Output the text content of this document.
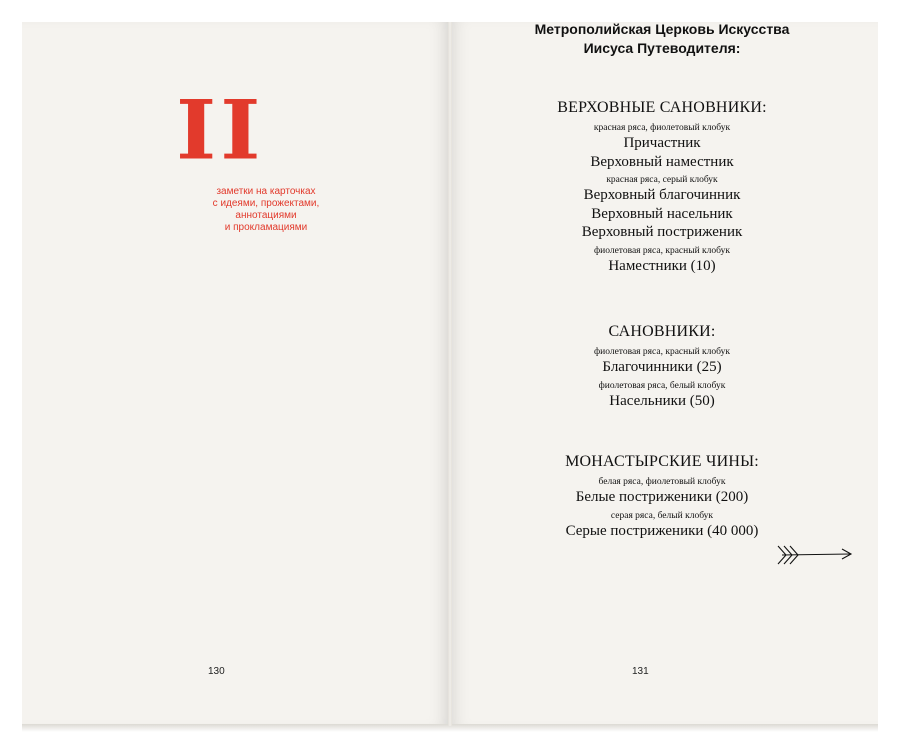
II
заметки на карточках
с идеями, прожектами,
аннотациями
и прокламациями
130
Метрополийская Церковь Искусства
Иисуса Путеводителя:
ВЕРХОВНЫЕ САНОВНИКИ:
красная ряса, фиолетовый клобук
Причастник
Верховный наместник
красная ряса, серый клобук
Верховный благочинник
Верховный насельник
Верховный постриженик
фиолетовая ряса, красный клобук
Наместники (10)
САНОВНИКИ:
фиолетовая ряса, красный клобук
Благочинники (25)
фиолетовая ряса, белый клобук
Насельники (50)
МОНАСТЫРСКИЕ ЧИНЫ:
белая ряса, фиолетовый клобук
Белые постриженики (200)
серая ряса, белый клобук
Серые постриженики (40 000)
131
